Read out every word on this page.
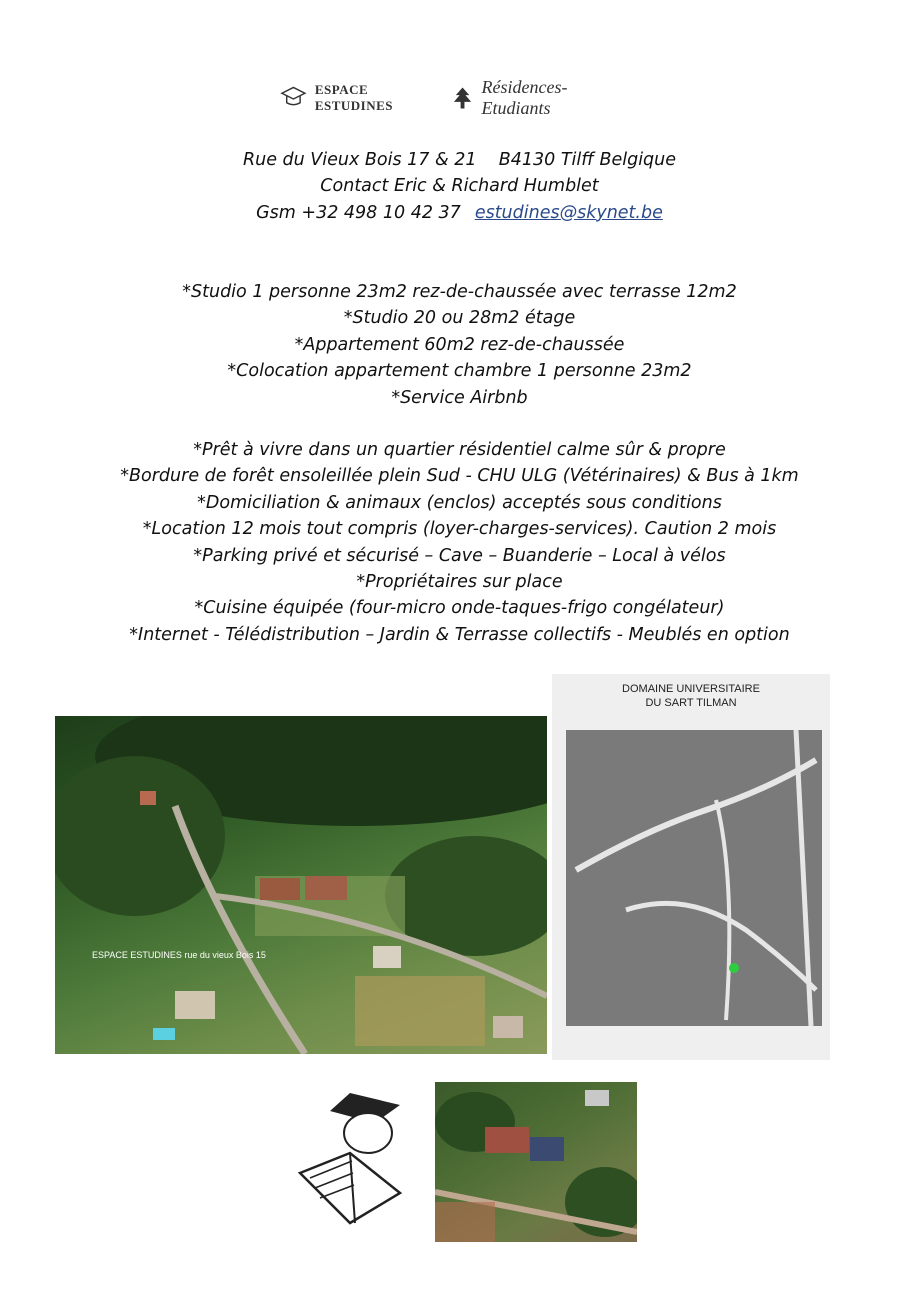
ESPACE ESTUDINES
Résidences-Etudiants

Rue du Vieux Bois 17 & 21    B4130 Tilff Belgique

Contact Eric & Richard Humblet

Gsm +32 498 10 42 37 estudines@skynet.be

*Studio 1 personne 23m2 rez-de-chaussée avec terrasse 12m2

*Studio 20 ou 28m2 étage

*Appartement 60m2 rez-de-chaussée

*Colocation appartement chambre 1 personne 23m2

*Service Airbnb

*Prêt à vivre dans un quartier résidentiel calme sûr & propre

*Bordure de forêt ensoleillée plein Sud - CHU ULG (Vétérinaires) & Bus à 1km

*Domiciliation & animaux (enclos) acceptés sous conditions

*Location 12 mois tout compris (loyer-charges-services). Caution 2 mois

*Parking privé et sécurisé – Cave – Buanderie – Local à vélos

*Propriétaires sur place

*Cuisine équipée (four-micro onde-taques-frigo congélateur)

*Internet - Télédistribution – Jardin & Terrasse collectifs - Meublés en option

DOMAINE UNIVERSITAIRE
DU SART TILMAN
ESPACE ESTUDINES rue du vieux Bois 15
